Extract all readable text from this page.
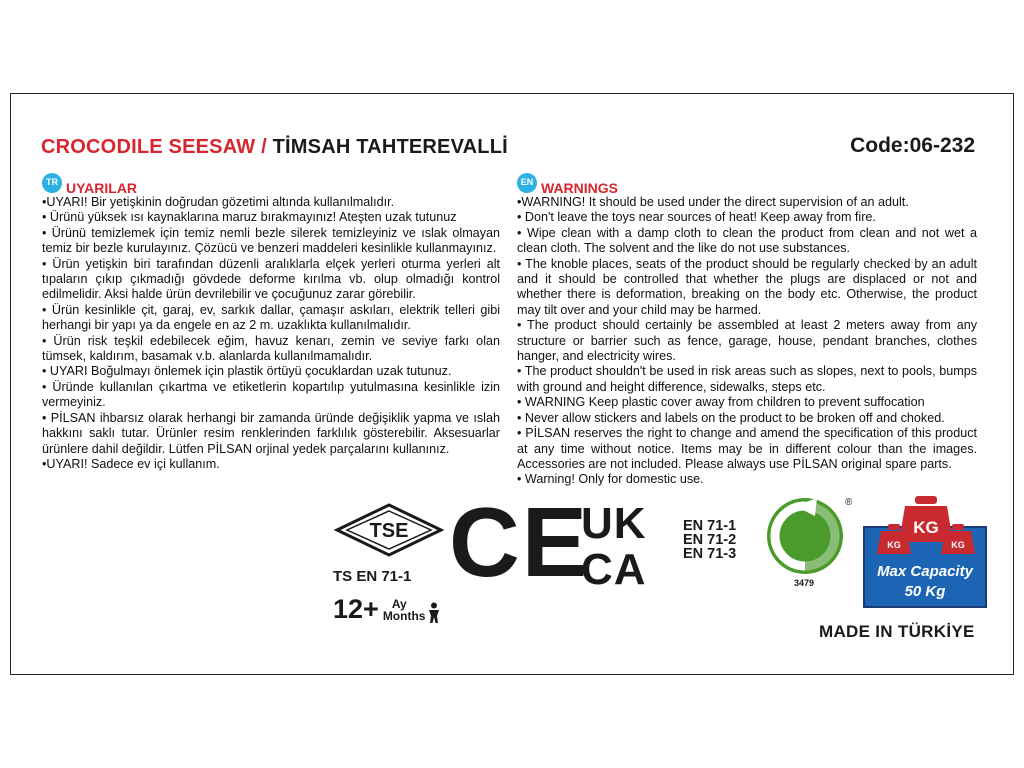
CROCODILE SEESAW / TİMSAH TAHTEREVALLİ	Code:06-232
TR UYARILAR
•UYARI! Bir yetişkinin doğrudan gözetimi altında kullanılmalıdır.
• Ürünü yüksek ısı kaynaklarına maruz bırakmayınız! Ateşten uzak tutunuz
• Ürünü temizlemek için temiz nemli bezle silerek temizleyiniz ve ıslak olmayan temiz bir bezle kurulayınız. Çözücü ve benzeri maddeleri kesinlikle kullanmayınız.
• Ürün yetişkin biri tarafından düzenli aralıklarla elçek yerleri oturma yerleri alt tıpaların çıkıp çıkmadığı gövdede deforme kırılma vb. olup olmadığı kontrol edilmelidir. Aksi halde ürün devrilebilir ve çocuğunuz zarar görebilir.
• Ürün kesinlikle çit, garaj, ev, sarkık dallar, çamaşır askıları, elektrik telleri gibi herhangi bir yapı ya da engele en az 2 m. uzaklıkta kullanılmalıdır.
• Ürün risk teşkil edebilecek eğim, havuz kenarı, zemin ve seviye farkı olan tümsek, kaldırım, basamak v.b. alanlarda kullanılmamalıdır.
• UYARI Boğulmayı önlemek için plastik örtüyü çocuklardan uzak tutunuz.
• Üründe kullanılan çıkartma ve etiketlerin kopartılıp yutulmasına kesinlikle izin vermeyiniz.
• PİLSAN ihbarsız olarak herhangi bir zamanda üründe değişiklik yapma ve ıslah hakkını saklı tutar. Ürünler resim renklerinden farklılık gösterebilir. Aksesuarlar ürünlere dahil değildir. Lütfen PİLSAN orjinal yedek parçalarını kullanınız.
•UYARI! Sadece ev içi kullanım.
EN WARNINGS
•WARNING! It should be used under the direct supervision of an adult.
• Don't leave the toys near sources of heat! Keep away from fire.
• Wipe clean with a damp cloth to clean the product from clean and not wet a clean cloth. The solvent and the like do not use substances.
• The knoble places, seats of the product should be regularly checked by an adult and it should be controlled that whether the plugs are displaced or not and whether there is deformation, breaking on the body etc. Otherwise, the product may tilt over and your child may be harmed.
• The product should certainly be assembled at least 2 meters away from any structure or barrier such as fence, garage, house, pendant branches, clothes hanger, and electricity wires.
• The product shouldn't be used in risk areas such as slopes, next to pools, bumps with ground and height difference, sidewalks, steps etc.
• WARNING Keep plastic cover away from children to prevent suffocation
• Never allow stickers and labels on the product to be broken off and choked.
• PİLSAN reserves the right to change and amend the specification of this product at any time without notice. Items may be in different colour than the images. Accessories are not included. Please always use PİLSAN original spare parts.
• Warning! Only for domestic use.
TSE
TS EN 71-1 CE
UK
CA
EN 71-1
EN 71-2
EN 71-3
®
3479
KG
KG	KG
Max Capacity
50 Kg
12+	Ay
Months
MADE IN TÜRKİYE
